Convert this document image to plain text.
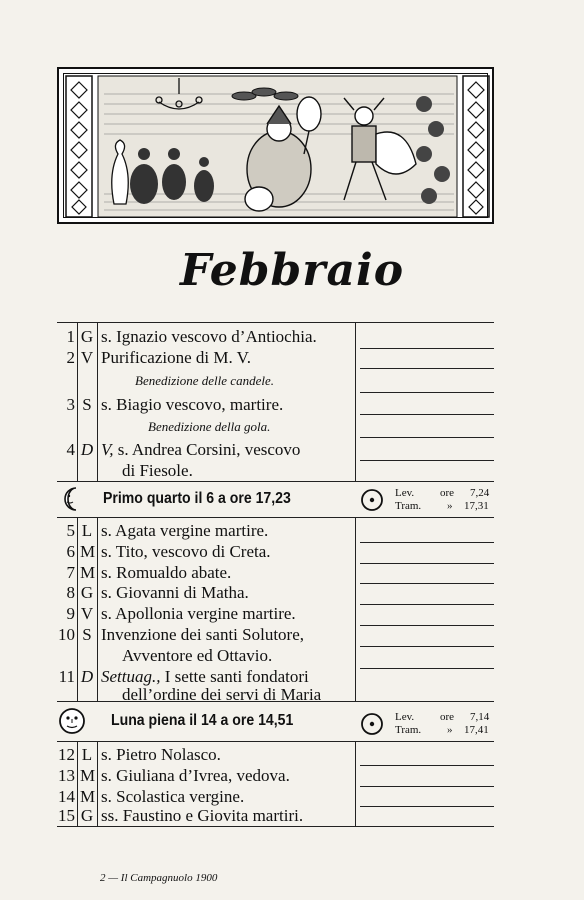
Febbraio
1 G s. Ignazio vescovo d’Antiochia.
2 V Purificazione di M. V.
Benedizione delle candele.
3 S s. Biagio vescovo, martire.
Benedizione della gola.
4 D V, s. Andrea Corsini, vescovo
di Fiesole.
Primo quarto il 6 a ore 17,23	Lev. ore 7,24
Tram. » 17,31
5 L s. Agata vergine martire.
6 M s. Tito, vescovo di Creta.
7 M s. Romualdo abate.
8 G s. Giovanni di Matha.
9 V s. Apollonia vergine martire.
10 S Invenzione dei santi Solutore,
Avventore ed Ottavio.
11 D Settuag., I sette santi fondatori
dell’ordine dei servi di Maria
Luna piena il 14 a ore 14,51	Lev. ore 7,14
Tram. » 17,41
12 L s. Pietro Nolasco.
13 M s. Giuliana d’Ivrea, vedova.
14 M s. Scolastica vergine.
15 G ss. Faustino e Giovita martiri.
2 — Il Campagnuolo 1900
